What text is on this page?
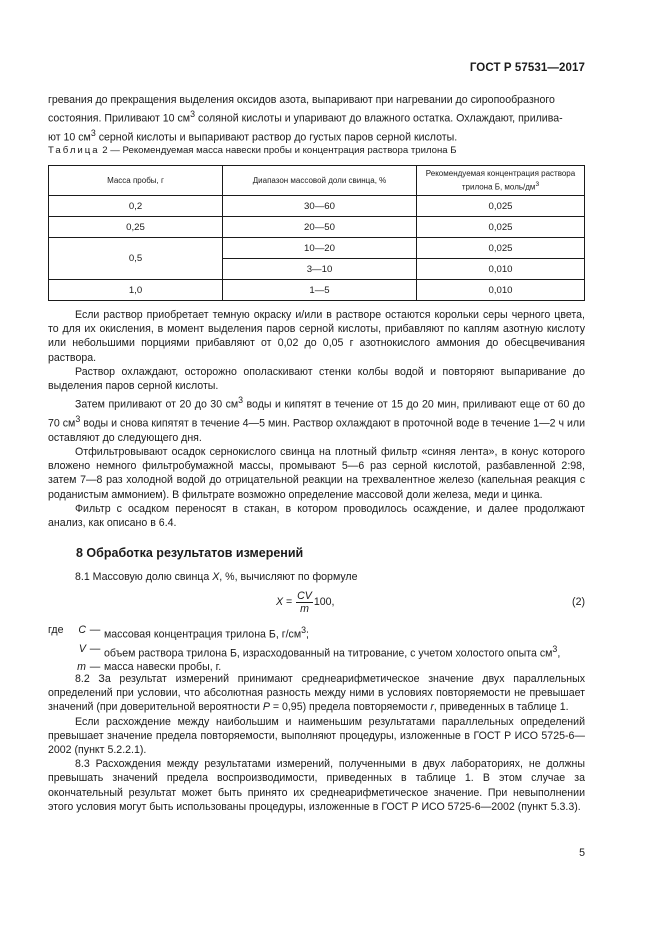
ГОСТ Р 57531—2017

гревания до прекращения выделения оксидов азота, выпаривают при нагревании до сиропообразного

состояния. Приливают 10 $см^3$ соляной кислоты и упаривают до влажного остатка. Охлаждают, прилива-

ют 10 $см^3$ серной кислоты и выпаривают раствор до густых паров серной кислоты.

Таблица 2 — Рекомендуемая масса навески пробы и концентрация раствора трилона Б
Масса пробы, г	Диапазон массовой доли свинца, %	Рекомендуемая концентрация раствора
трилона Б, моль/$дм^3$
0,2	30—60	0,025
0,25	20—50	0,025
0,5	10—20	0,025
	3—10	0,010
1,0	1—5	0,010

Если раствор приобретает темную окраску и/или в растворе остаются корольки серы черного цвета, то для их окисления, в момент выделения паров серной кислоты, прибавляют по каплям азотную кислоту или небольшими порциями прибавляют от 0,02 до 0,05 г азотнокислого аммония до обесцвечивания раствора.

Раствор охлаждают, осторожно ополаскивают стенки колбы водой и повторяют выпаривание до выделения паров серной кислоты.

Затем приливают от 20 до 30 $см^3$ воды и кипятят в течение от 15 до 20 мин, приливают еще от 60 до 70 $см^3$ воды и снова кипятят в течение 4—5 мин. Раствор охлаждают в проточной воде в течение 1—2 ч или оставляют до следующего дня.

Отфильтровывают осадок сернокислого свинца на плотный фильтр «синяя лента», в конус которого вложено немного фильтробумажной массы, промывают 5—6 раз серной кислотой, разбавленной 2:98, затем 7—8 раз холодной водой до отрицательной реакции на трехвалентное железо (капельная реакция с роданистым аммонием). В фильтрате возможно определение массовой доли железа, меди и цинка.

Фильтр с осадком переносят в стакан, в котором проводилось осаждение, и далее продолжают анализ, как описано в 6.4.

8 Обработка результатов измерений

8.1 Массовую долю свинца X, %, вычисляют по формуле

$X = \frac{CV}{m} 100$,	(2)
где	C — массовая концентрация трилона Б, $г/см^3$;
V — объем раствора трилона Б, израсходованный на титрование, с учетом холостого опыта $см^3$,
m — масса навески пробы, г.

8.2 За результат измерений принимают среднеарифметическое значение двух параллельных определений при условии, что абсолютная разность между ними в условиях повторяемости не превышает значений (при доверительной вероятности P = 0,95) предела повторяемости r, приведенных в таблице 1.

Если расхождение между наибольшим и наименьшим результатами параллельных определений превышает значение предела повторяемости, выполняют процедуры, изложенные в ГОСТ Р ИСО 5725-6—2002 (пункт 5.2.2.1).

8.3 Расхождения между результатами измерений, полученными в двух лабораториях, не должны превышать значений предела воспроизводимости, приведенных в таблице 1. В этом случае за окончательный результат может быть принято их среднеарифметическое значение. При невыполнении этого условия могут быть использованы процедуры, изложенные в ГОСТ Р ИСО 5725-6—2002 (пункт 5.3.3).

5
